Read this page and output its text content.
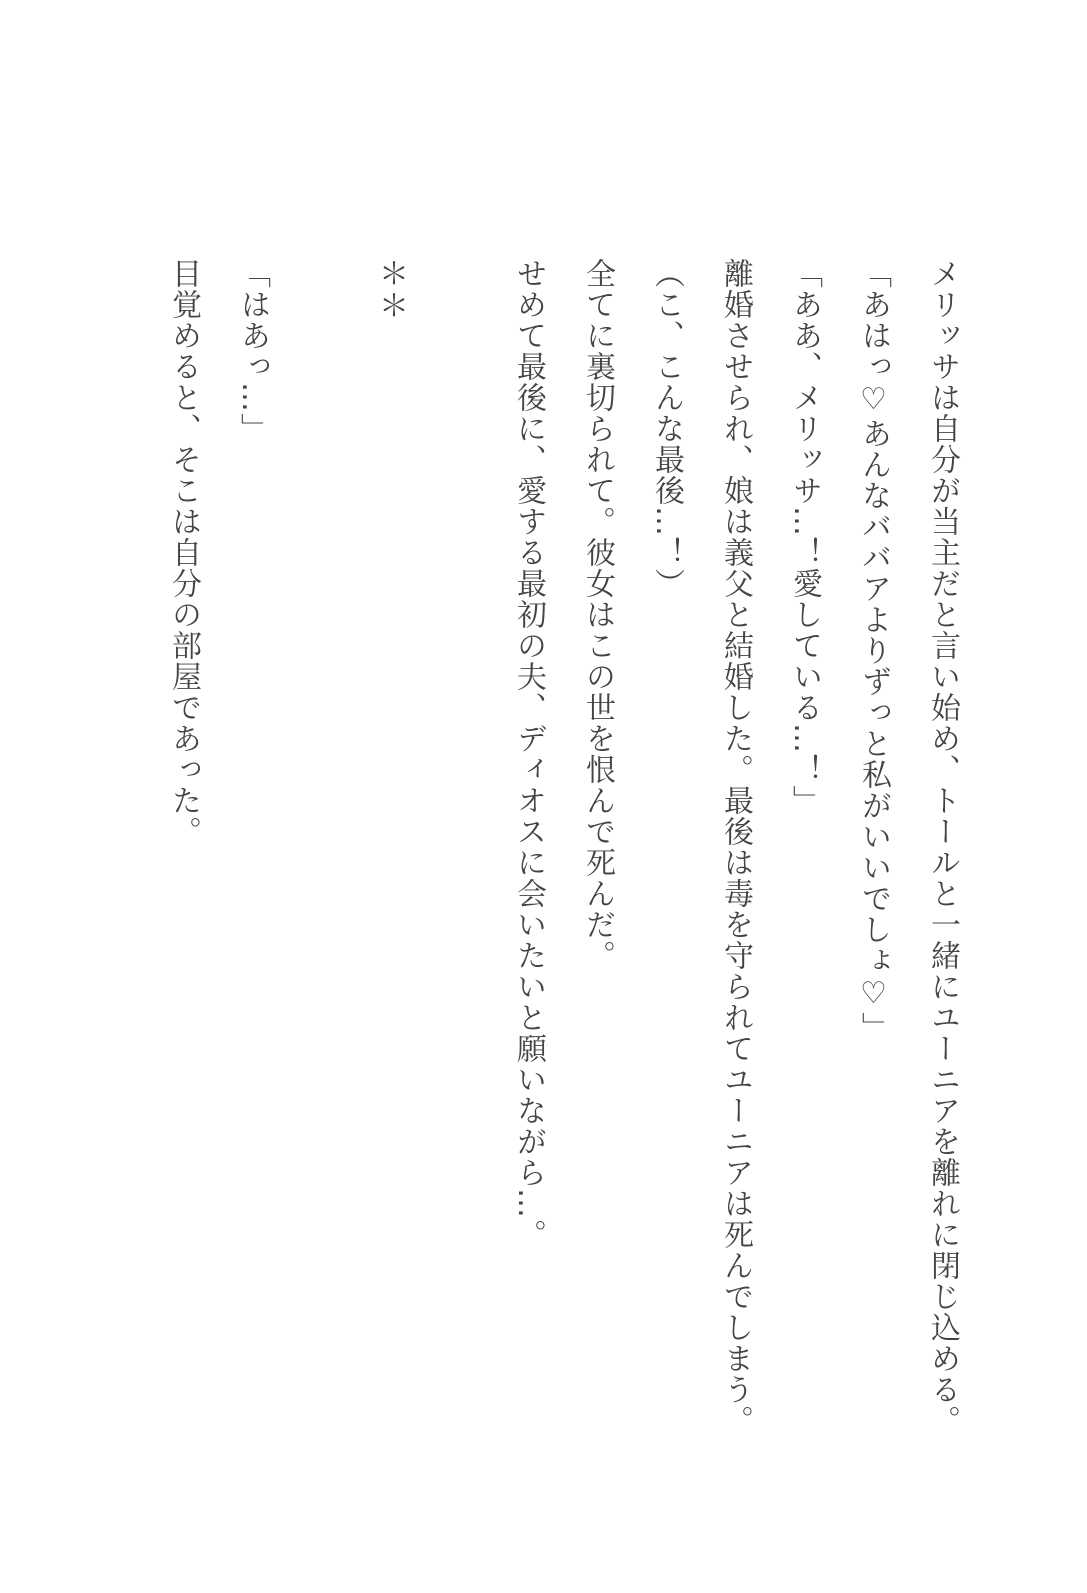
メリッサは自分が当主だと言い始め、トールと一緒にユーニアを離れに閉じ込める。
「あはっ♡あんなババアよりずっと私がいいでしょ♡」
「ああ、メリッサ…！愛している…！」
離婚させられ、娘は義父と結婚した。最後は毒を守られてユーニアは死んでしまう。
（こ、こんな最後…！）
全てに裏切られて。彼女はこの世を恨んで死んだ。
せめて最後に、愛する最初の夫、ディオスに会いたいと願いながら…。
＊＊
「はあっ…」
目覚めると、そこは自分の部屋であった。
